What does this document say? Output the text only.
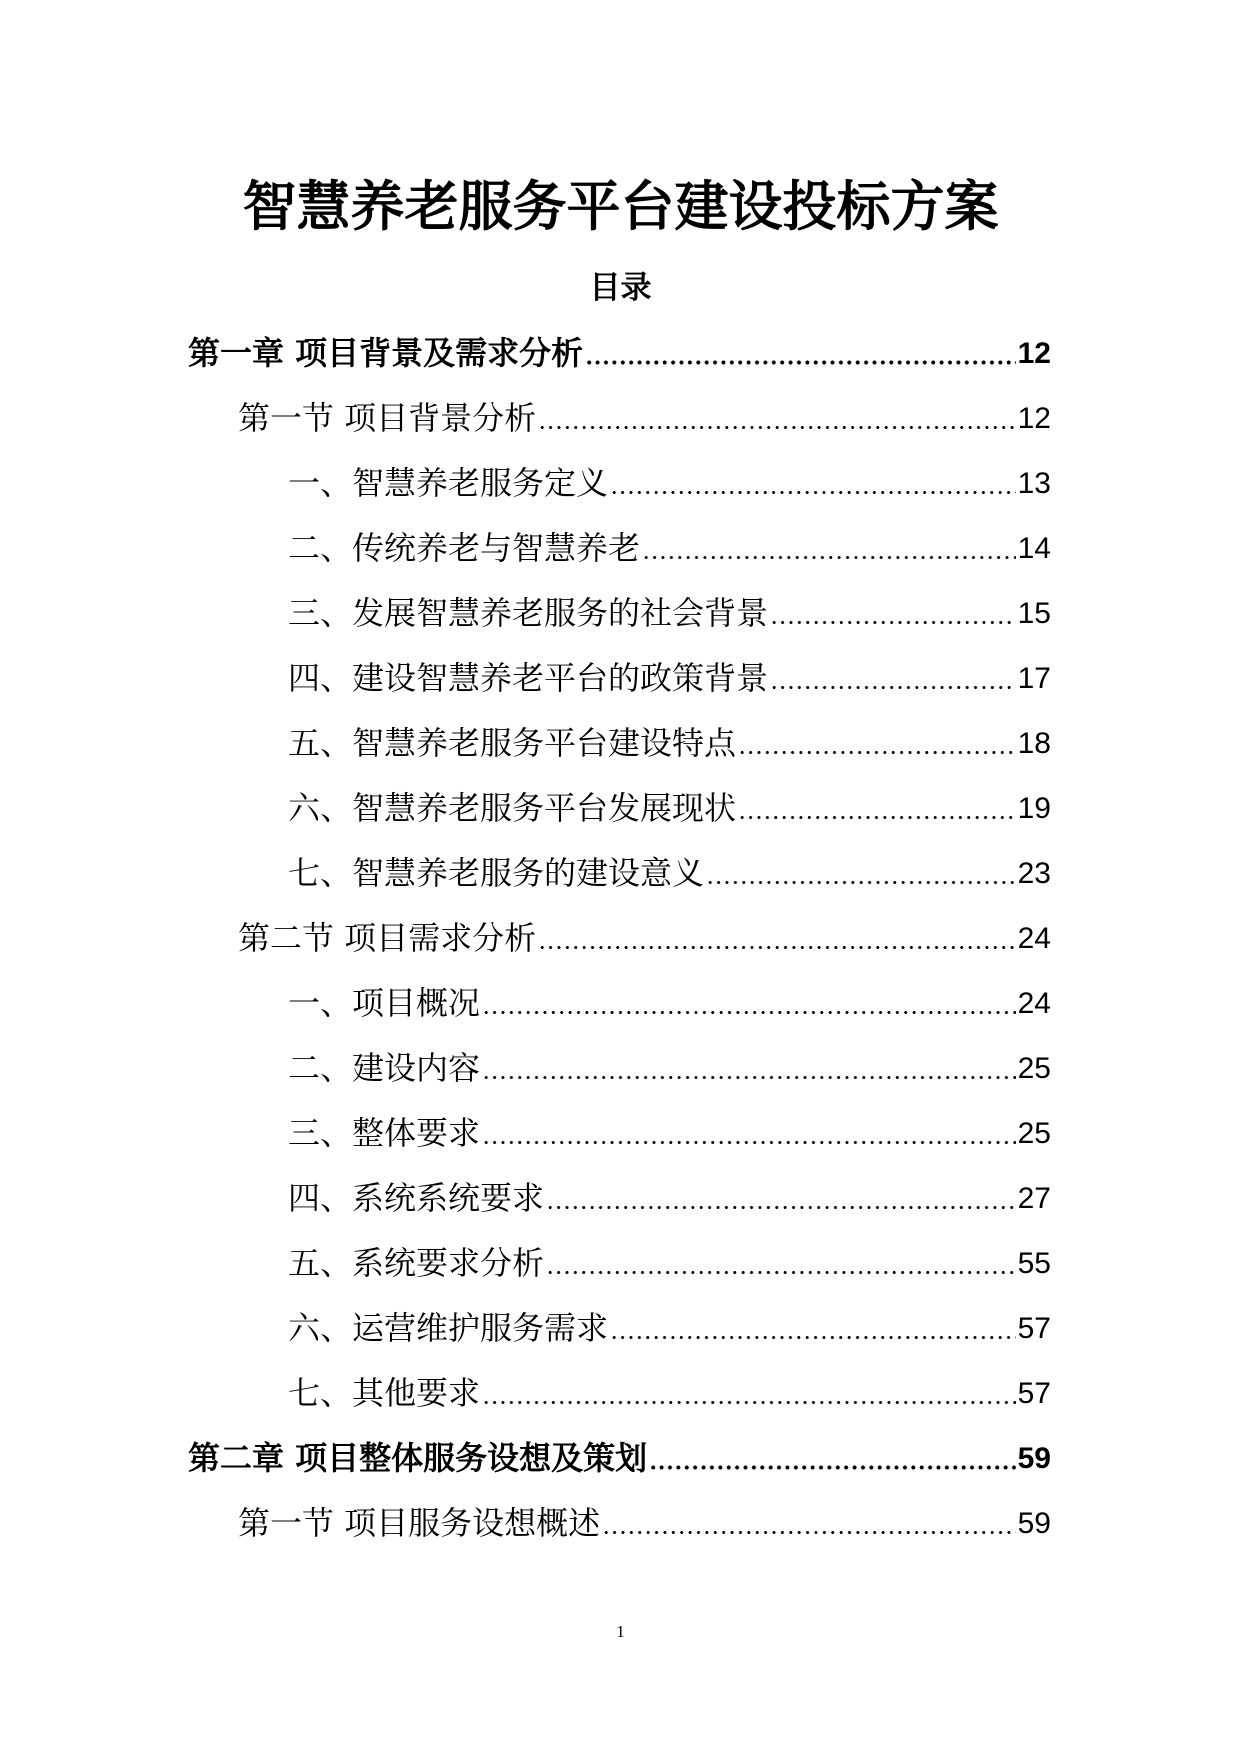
智慧养老服务平台建设投标方案
目录
第一章 项目背景及需求分析	12
第一节 项目背景分析	12
一、智慧养老服务定义	13
二、传统养老与智慧养老	14
三、发展智慧养老服务的社会背景	15
四、建设智慧养老平台的政策背景	17
五、智慧养老服务平台建设特点	18
六、智慧养老服务平台发展现状	19
七、智慧养老服务的建设意义	23
第二节 项目需求分析	24
一、项目概况	24
二、建设内容	25
三、整体要求	25
四、系统系统要求	27
五、系统要求分析	55
六、运营维护服务需求	57
七、其他要求	57
第二章 项目整体服务设想及策划	59
第一节 项目服务设想概述	59
1
